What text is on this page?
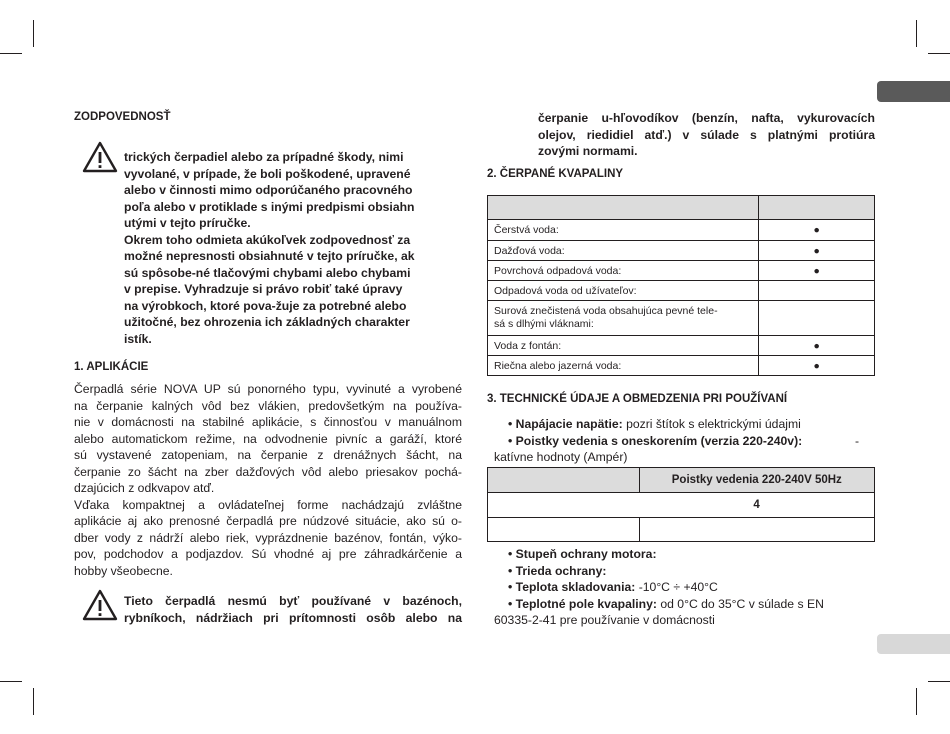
ZODPOVEDNOSŤ
trických čerpadiel alebo za prípadné škody, nimi
vyvolané, v prípade, že boli poškodené, upravené
alebo v činnosti mimo odporúčaného pracovného
poľa alebo v protiklade s inými predpismi obsiahn
utými v tejto príručke.
Okrem toho odmieta akúkoľvek zodpovednosť za
možné nepresnosti obsiahnuté v tejto príručke, ak
sú spôsobe-né tlačovými chybami alebo chybami
v prepise. Vyhradzuje si právo robiť také úpravy
na výrobkoch, ktoré pova-žuje za potrebné alebo
užitočné, bez ohrozenia ich základných charakter
istík.
1. APLIKÁCIE
Čerpadlá série NOVA UP sú ponorného typu, vyvinuté a vyrobené
na čerpanie kalných vôd bez vlákien, predovšetkým na používa-
nie v domácnosti na stabilné aplikácie, s činnosťou v manuálnom
alebo automatickom režime, na odvodnenie pivníc a garáží, ktoré
sú vystavené zatopeniam, na čerpanie z drenážnych šácht, na
čerpanie zo šácht na zber dažďových vôd alebo priesakov pochá-
dzajúcich z odkvapov atď.
Vďaka kompaktnej a ovládateľnej forme nachádzajú zvláštne
aplikácie aj ako prenosné čerpadlá pre núdzové situácie, ako sú o-
dber vody z nádrží alebo riek, vyprázdnenie bazénov, fontán, výko-
pov, podchodov a podjazdov. Sú vhodné aj pre záhradkárčenie a
hobby všeobecne.
Tieto čerpadlá nesmú byť používané v bazénoch,
rybníkoch, nádržiach pri prítomnosti osôb alebo na
čerpanie u-hľovodíkov (benzín, nafta, vykurovacích
olejov, riedidiel atď.) v súlade s platnými protiúra
zovými normami.
2. ČERPANÉ KVAPALINY

Čerstvá voda:	●
Dažďová voda:	●
Povrchová odpadová voda:	●
Odpadová voda od užívateľov:	
Surová znečistená voda obsahujúca pevné tele-
sá s dlhými vláknami:	
Voda z fontán:	●
Riečna alebo jazerná voda:	●
3. TECHNICKÉ ÚDAJE A OBMEDZENIA PRI POUŽÍVANÍ
• Napájacie napätie: pozri štítok s elektrickými údajmi
• Poistky vedenia s oneskorením (verzia 220-240v):	-
katívne hodnoty (Ampér)
	Poistky vedenia 220-240V 50Hz
	4

• Stupeň ochrany motora:
• Trieda ochrany:
• Teplota skladovania: -10°C ÷ +40°C
• Teplotné pole kvapaliny: od 0°C do 35°C v súlade s EN
60335-2-41 pre používanie v domácnosti
